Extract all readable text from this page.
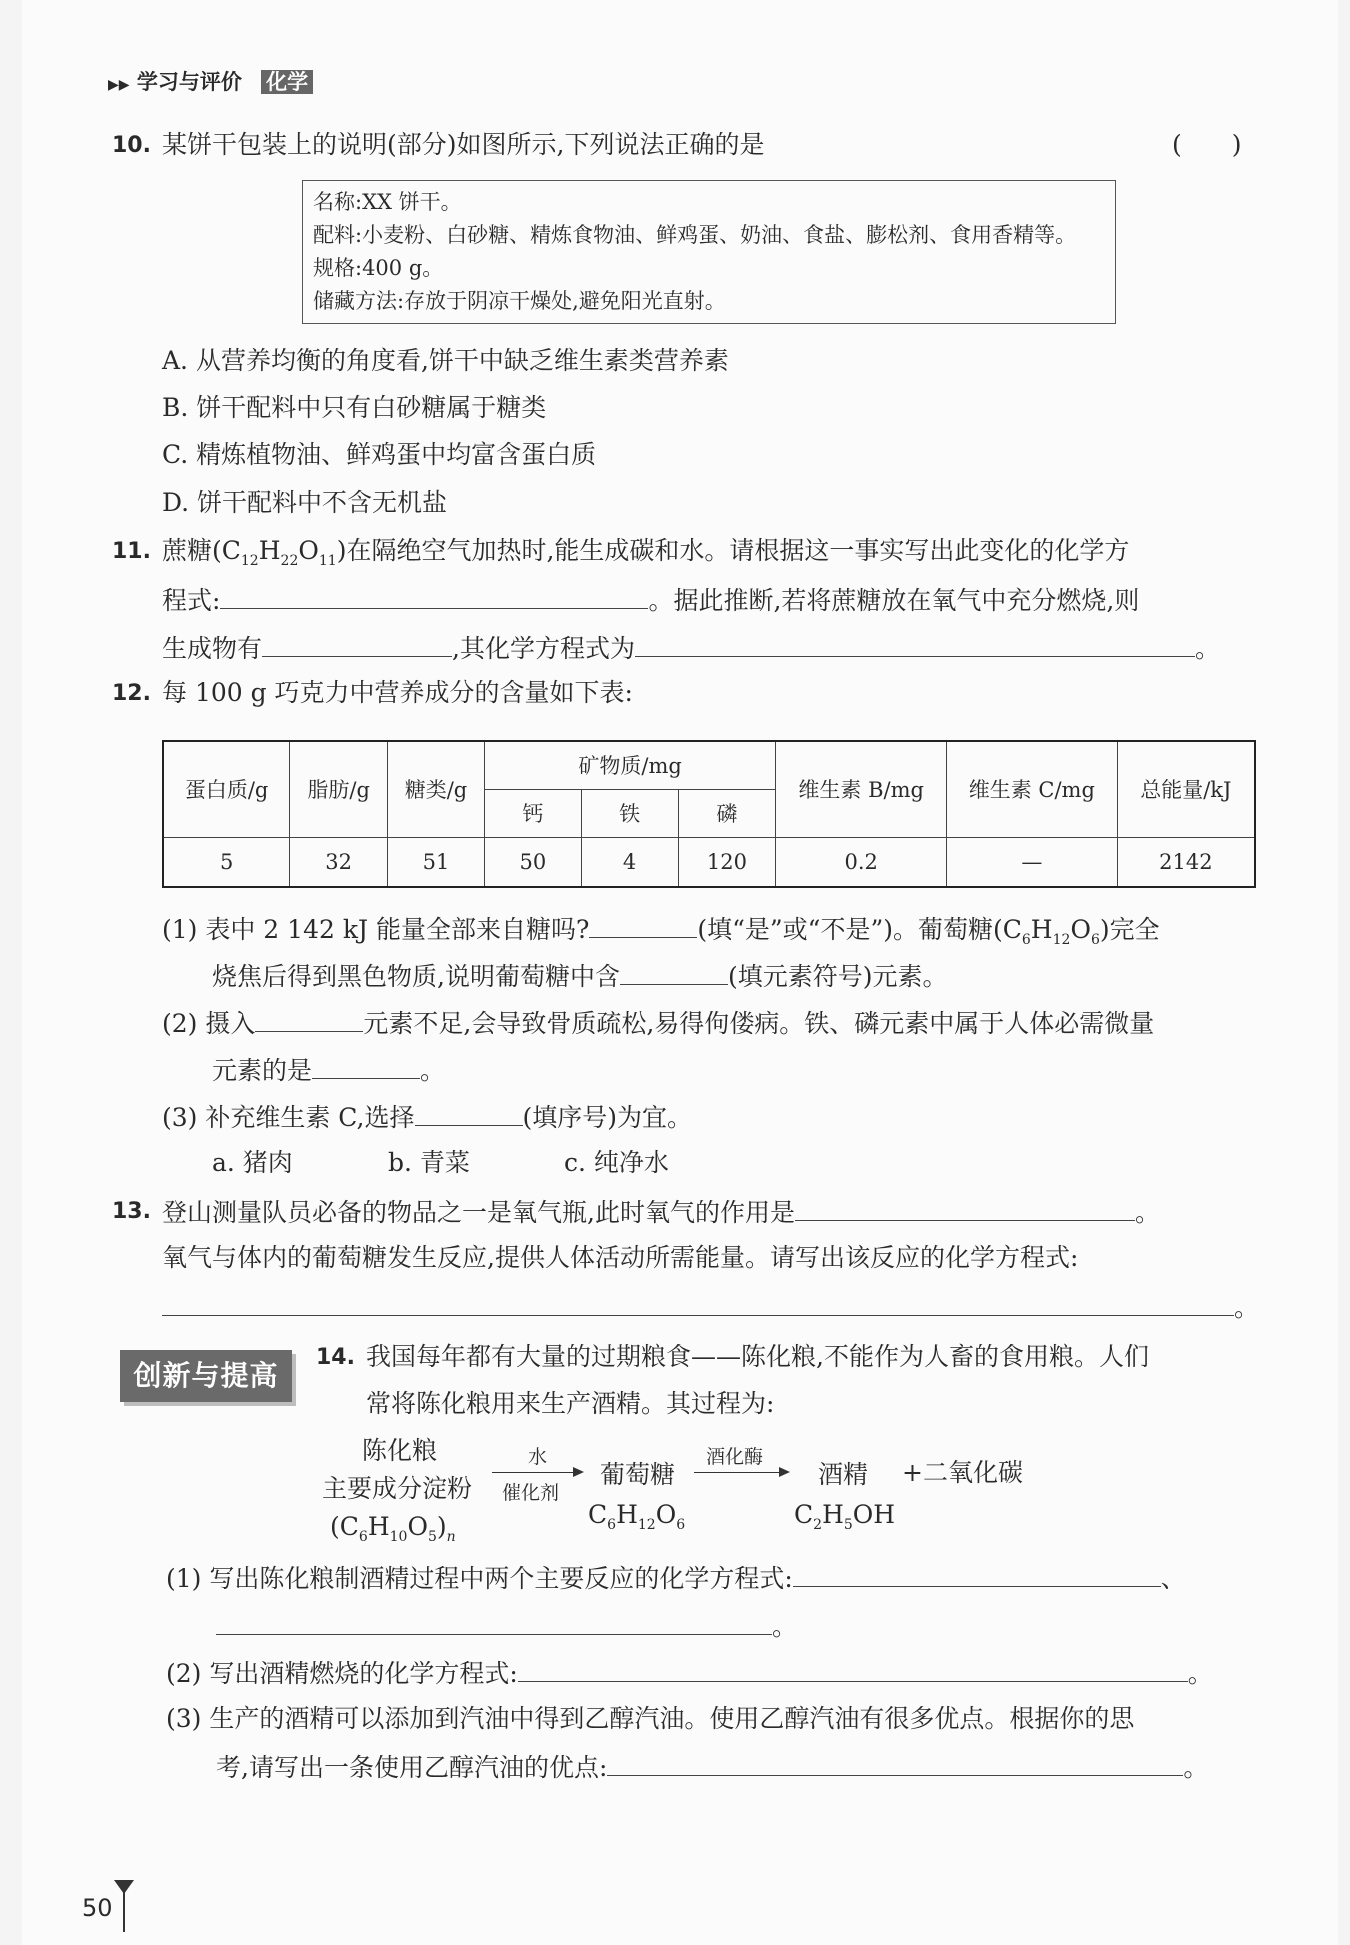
▶▶ 学习与评价 化学
10. 某饼干包装上的说明(部分)如图所示,下列说法正确的是	(　　)
名称:XX 饼干。
配料:小麦粉、白砂糖、精炼食物油、鲜鸡蛋、奶油、食盐、膨松剂、食用香精等。
规格:400 g。
储藏方法:存放于阴凉干燥处,避免阳光直射。
A. 从营养均衡的角度看,饼干中缺乏维生素类营养素
B. 饼干配料中只有白砂糖属于糖类
C. 精炼植物油、鲜鸡蛋中均富含蛋白质
D. 饼干配料中不含无机盐
11. 蔗糖$(C_{12}H_{22}O_{11})$在隔绝空气加热时,能生成碳和水。请根据这一事实写出此变化的化学方
程式:	。据此推断,若将蔗糖放在氧气中充分燃烧,则
生成物有	,其化学方程式为	。
12. 每 100 g 巧克力中营养成分的含量如下表:
蛋白质/g	脂肪/g	糖类/g	矿物质/mg			维生素 B/mg	维生素 C/mg	总能量/kJ
			钙	铁	磷			
5	32	51	50	4	120	0.2	—	2142
(1) 表中 2 142 kJ 能量全部来自糖吗?	(填“是”或“不是”)。葡萄糖$(C_6H_{12}O_6)$完全
烧焦后得到黑色物质,说明葡萄糖中含	(填元素符号)元素。
(2) 摄入	元素不足,会导致骨质疏松,易得佝偻病。铁、磷元素中属于人体必需微量
元素的是	。
(3) 补充维生素 C,选择	(填序号)为宜。
a. 猪肉	b. 青菜	c. 纯净水
13. 登山测量队员必备的物品之一是氧气瓶,此时氧气的作用是	。
氧气与体内的葡萄糖发生反应,提供人体活动所需能量。请写出该反应的化学方程式:
。
创新与提高
14. 我国每年都有大量的过期粮食——陈化粮,不能作为人畜的食用粮。人们
常将陈化粮用来生产酒精。其过程为:
陈化粮
主要成分淀粉
$(C_6H_{10}O_5)_n$
水
催化剂
葡萄糖
$C_6H_{12}O_6$
酒化酶
酒精
$C_2H_5OH$
+二氧化碳
(1) 写出陈化粮制酒精过程中两个主要反应的化学方程式:	、
。
(2) 写出酒精燃烧的化学方程式:	。
(3) 生产的酒精可以添加到汽油中得到乙醇汽油。使用乙醇汽油有很多优点。根据你的思
考,请写出一条使用乙醇汽油的优点:	。
50
